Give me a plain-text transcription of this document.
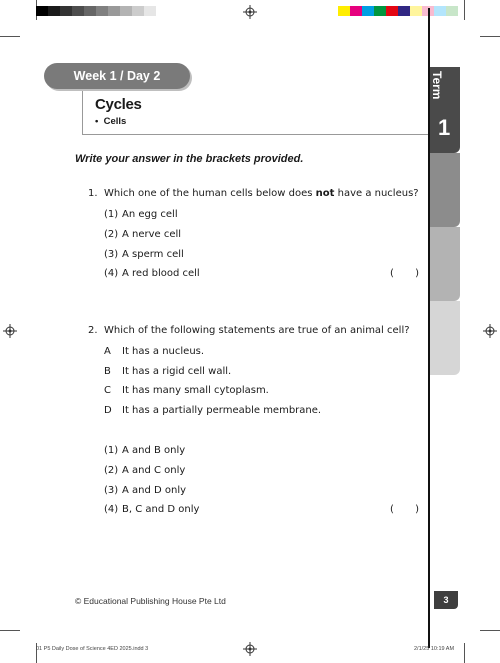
Term
1
Cycles
•  Cells
Week 1 / Day 2
Write your answer in the brackets provided.
1. Which one of the human cells below does not have a nucleus?
(1) An egg cell
(2) A nerve cell
(3) A sperm cell
(4) A red blood cell	( )
2. Which of the following statements are true of an animal cell?
A It has a nucleus.
B It has a rigid cell wall.
C It has many small cytoplasm.
D It has a partially permeable membrane.
(1) A and B only
(2) A and C only
(3) A and D only
(4) B, C and D only	( )
© Educational Publishing House Pte Ltd	3
01 P5 Daily Dose of Science 4ED 2025.indd 3	2/1/25 10:19 AM
